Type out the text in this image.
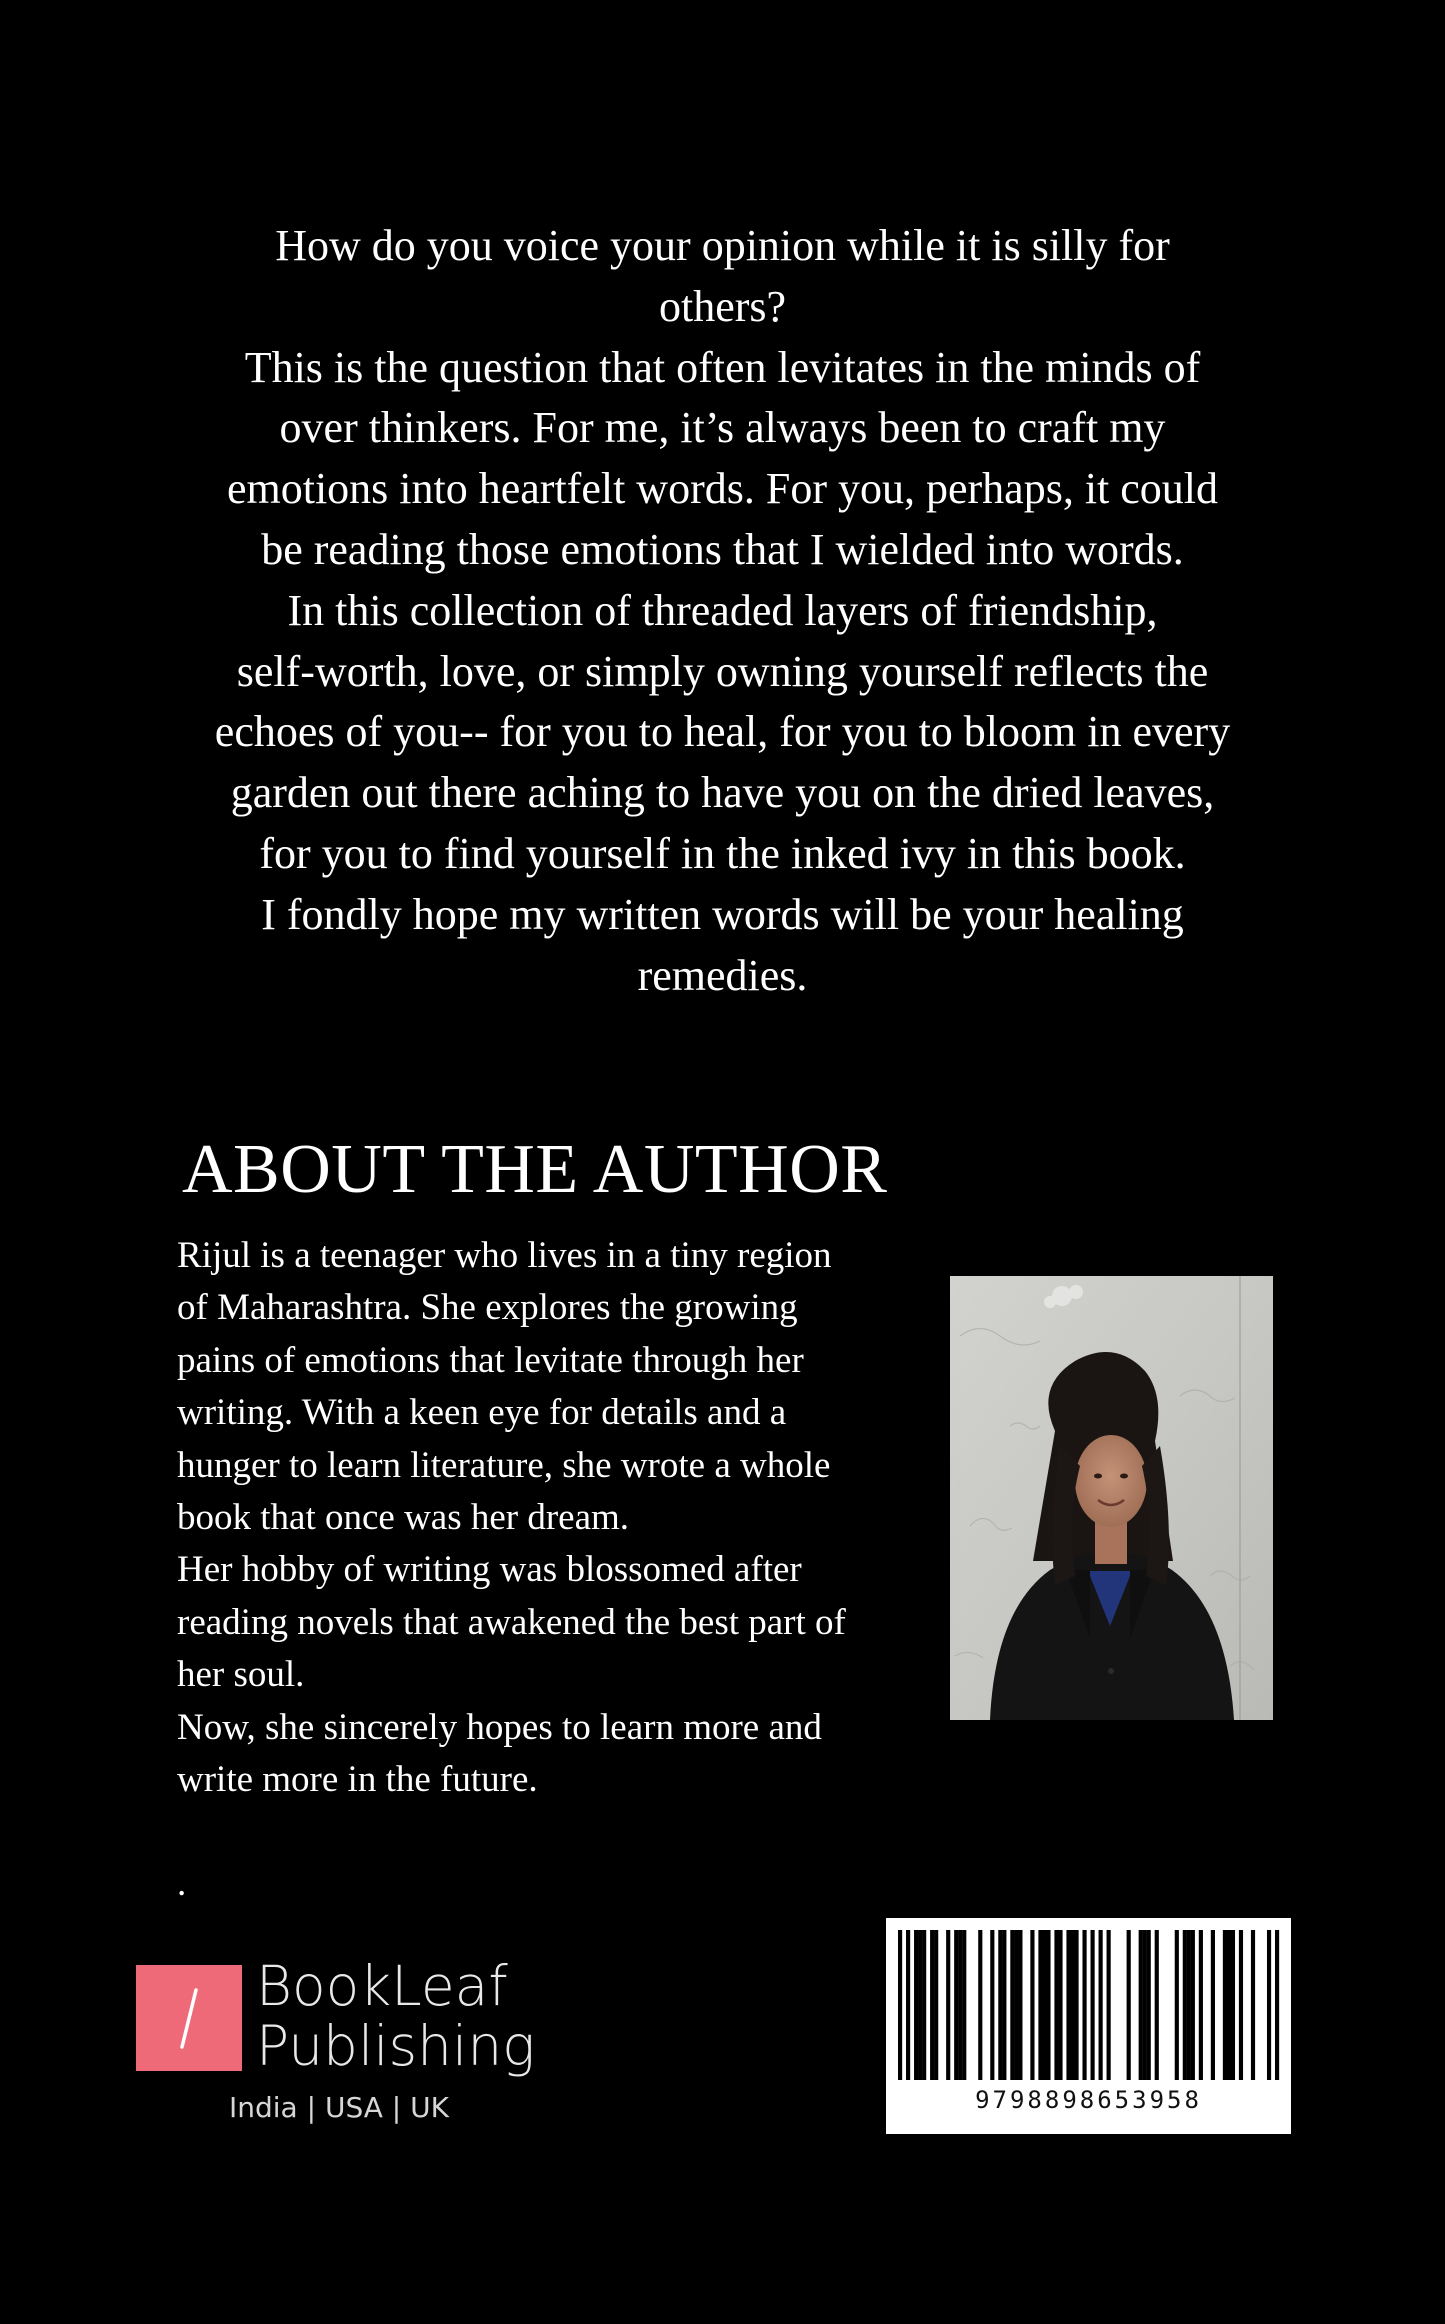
How do you voice your opinion while it is silly for

others?

This is the question that often levitates in the minds of

over thinkers. For me, it’s always been to craft my

emotions into heartfelt words. For you, perhaps, it could

be reading those emotions that I wielded into words.

In this collection of threaded layers of friendship,

self-worth, love, or simply owning yourself reflects the

echoes of you-- for you to heal, for you to bloom in every

garden out there aching to have you on the dried leaves,

for you to find yourself in the inked ivy in this book.

I fondly hope my written words will be your healing

remedies.

ABOUT THE AUTHOR

Rijul is a teenager who lives in a tiny region

of Maharashtra. She explores the growing

pains of emotions that levitate through her

writing. With a keen eye for details and a

hunger to learn literature, she wrote a whole

book that once was her dream.

Her hobby of writing was blossomed after

reading novels that awakened the best part of

her soul.

Now, she sincerely hopes to learn more and

write more in the future.

.

BookLeaf
Publishing
India | USA | UK	9798898653958
